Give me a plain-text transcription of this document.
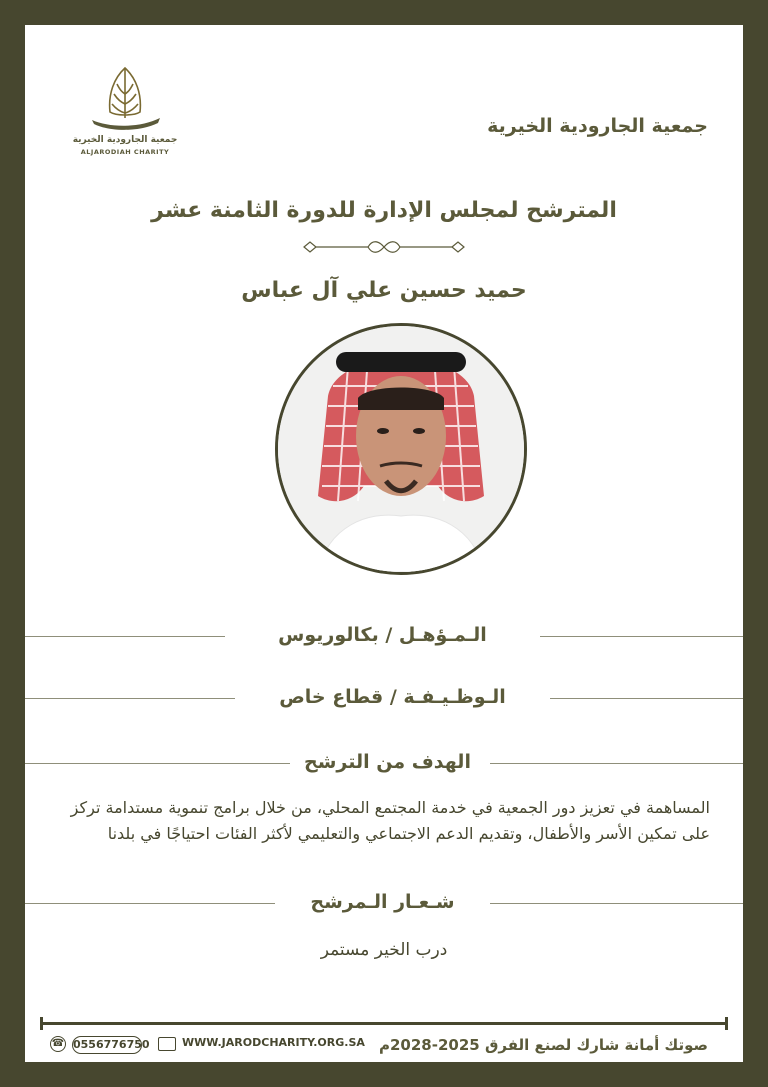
جمعية الجارودية الخيرية
ALJARODIAH CHARITY
جمعية الجارودية الخيرية
المترشح لمجلس الإدارة للدورة الثامنة عشر
حميد حسين علي آل عباس
الـمـؤهـل / بكالوريوس
الـوظـيـفـة / قطاع خاص
الهدف من الترشح
المساهمة في تعزيز دور الجمعية في خدمة المجتمع المحلي، من خلال برامج تنموية مستدامة تركز على تمكين الأسر والأطفال، وتقديم الدعم الاجتماعي والتعليمي لأكثر الفئات احتياجًا في بلدنا
شـعـار الـمرشح
درب الخير مستمر
صوتك أمانة شارك لصنع الفرق 2025-2028م
WWW.JARODCHARITY.ORG.SA
☎ 0556776750
